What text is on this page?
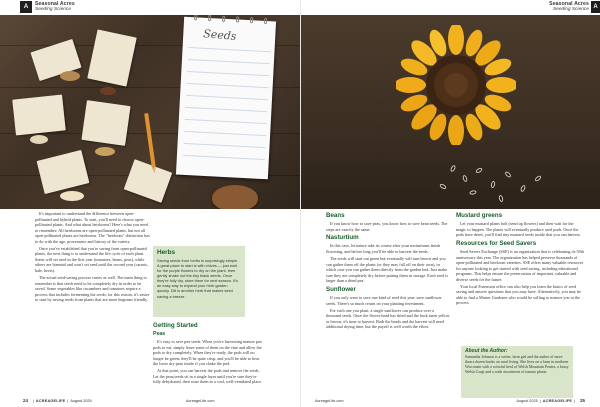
A	Seasonal Acres
Seeding Science
Seeds

It's important to understand the difference between open-pollinated and hybrid plants. To start, you'll need to choose open-pollinated plants. And what about heirlooms? Here's what you need to remember: All heirlooms are open-pollinated plants, but not all open-pollinated plants are heirlooms. The "heirloom" distinction has to do with the age, provenance and history of the variety.

Once you've established that you're saving from open-pollinated plants, the next thing is to understand the life cycle of each plant. Some will set seed in the first year (tomatoes, beans, peas), while others are biennial and won't set seed until the second year (carrots, kale, beets).

The actual seed-saving process varies as well. The main thing to remember is that seeds need to be completely dry in order to be saved. Some vegetables like cucumbers and tomatoes require a process that includes fermenting the seeds; for this reason, it's easier to start by saving seeds from plants that are more beginner friendly.

Herbs

Saving seeds from herbs is surprisingly simple. A great place to start is with chives — just wait for the purple flowers to dry on the plant, then gently shake out the tiny black seeds. Once they're fully dry, store them for next season. It's an easy way to expand your herb garden quickly. Dill is another herb that makes seed saving a breeze.

Getting Started
Peas

It's easy to save pea seeds. When you're harvesting mature pea pods to eat, simply leave some of them on the vine and allow the pods to dry completely. When they're ready, the pods will no longer be green; they'll be quite crisp, and you'll be able to hear the loose dry peas inside if you shake the pod.

At that point, you can harvest the pods and remove the seeds. Let the peas/seeds sit in a single layer until you're sure they're fully dehydrated, then store them in a cool, well-ventilated place.

24 | ACREAGELIFE | August 2025	AcreageLife.com
Seasonal Acres
Seeding Science A
Beans

If you know how to save peas, you know how to save bean seeds. The steps are exactly the same.

Nasturtium

In this case, let nature take its course after your nasturtiums finish flowering, and before long you'll be able to harvest the seeds.

The seeds will start out green but eventually will turn brown and you can gather them off the plants (or they may fall off on their own), in which case you can gather them directly from the garden bed. Just make sure they are completely dry before putting them in storage. Each seed is larger than a dried pea.

Sunflower

If you only want to save one kind of seed this year, save sunflower seeds. There's so much return on your planting investment.

For each one you plant, a single sunflower can produce over a thousand seeds. Once the flower head has dried and the back turns yellow or brown, it's time to harvest. Both the heads and the harvest will need additional drying time, but the payoff is well worth the effort.

Mustard greens

Let your mustard plants bolt (send up flowers) and then wait for the magic to happen. The plants will eventually produce seed pods. Once the pods have dried, you'll find tiny mustard seeds inside that you can harvest.

Resources for Seed Savers

Seed Savers Exchange (SSE) is an organization that is celebrating its 50th anniversary this year. The organization has helped preserve thousands of open-pollinated and heirloom varieties. SSE offers many valuable resources for anyone looking to get started with seed saving, including educational programs. This helps ensure the preservation of important, valuable and diverse seeds for the future.

Your local Extension office can also help you learn the basics of seed saving and answer questions that you may have. Alternatively, you may be able to find a Master Gardener who would be willing to mentor you in the process.

About the Author:

Samantha Johnson is a writer, farm girl and the author of more than a dozen books on rural living. She lives on a farm in northern Wisconsin with a colorful herd of Welsh Mountain Ponies, a bossy Welsh Corgi and a wide assortment of tomato plants.

AcreageLife.com	August 2025 | ACREAGELIFE | 25
